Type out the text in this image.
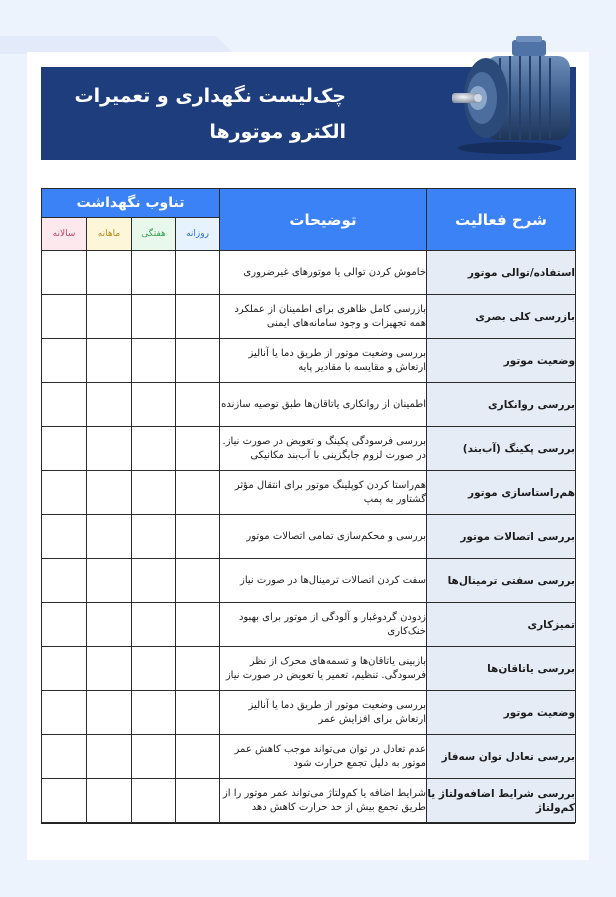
چک‌لیست نگهداری و تعمیرات
الکترو موتورها
شرح فعالیت	توضیحات	تناوب نگهداشت			
		روزانه	هفتگی	ماهانه	سالانه
استفاده/توالی موتور	خاموش کردن توالی یا موتورهای غیرضروری				
بازرسی کلی بصری	بازرسی کامل ظاهری برای اطمینان از عملکرد همه تجهیزات و وجود سامانه‌های ایمنی				
وضعیت موتور	بررسی وضعیت موتور از طریق دما یا آنالیز ارتعاش و مقایسه با مقادیر پایه				
بررسی روانکاری	اطمینان از روانکاری یاتاقان‌ها طبق توصیه سازنده				
بررسی پکینگ (آب‌بند)	بررسی فرسودگی پکینگ و تعویض در صورت نیاز. در صورت لزوم جایگزینی با آب‌بند مکانیکی				
هم‌راستاسازی موتور	هم‌راستا کردن کوپلینگ موتور برای انتقال مؤثر گشتاور به پمپ				
بررسی اتصالات موتور	بررسی و محکم‌سازی تمامی اتصالات موتور				
بررسی سفتی ترمینال‌ها	سفت کردن اتصالات ترمینال‌ها در صورت نیاز				
تمیزکاری	زدودن گردوغبار و آلودگی از موتور برای بهبود خنک‌کاری				
بررسی یاتاقان‌ها	بازبینی یاتاقان‌ها و تسمه‌های محرک از نظر فرسودگی. تنظیم، تعمیر یا تعویض در صورت نیاز				
وضعیت موتور	بررسی وضعیت موتور از طریق دما یا آنالیز ارتعاش برای افزایش عمر				
بررسی تعادل توان سه‌فاز	عدم تعادل در توان می‌تواند موجب کاهش عمر موتور به دلیل تجمع حرارت شود				
بررسی شرایط اضافه‌ولتاژ یا کم‌ولتاژ	شرایط اضافه یا کم‌ولتاژ می‌تواند عمر موتور را از طریق تجمع بیش از حد حرارت کاهش دهد				
